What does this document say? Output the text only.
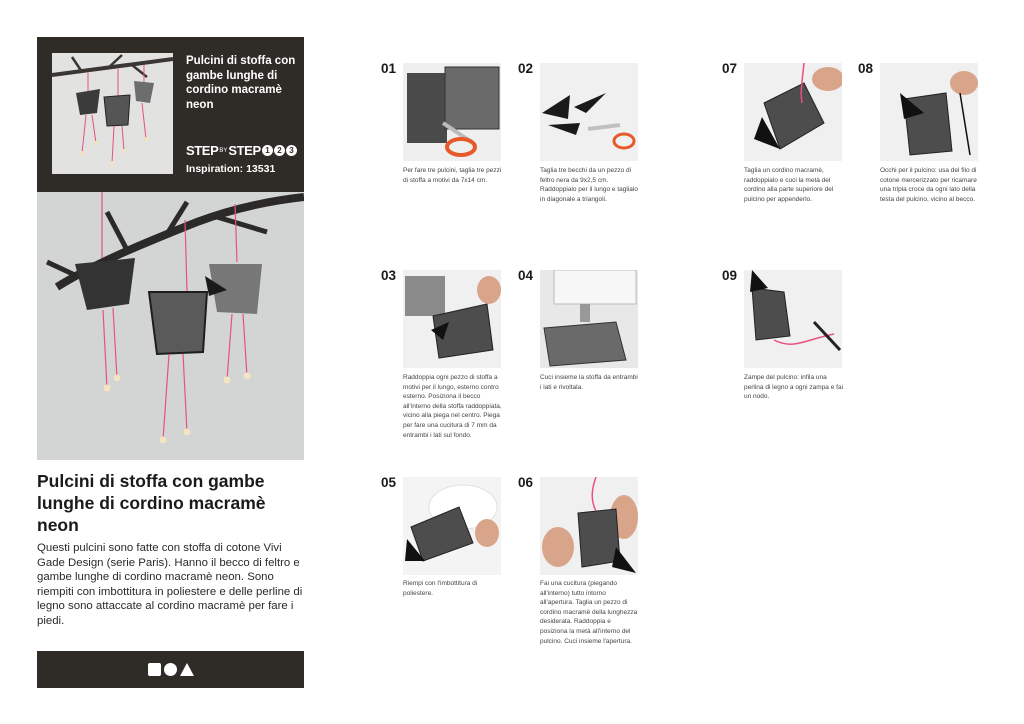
Pulcini di stoffa con gambe lunghe di cordino macramè neon
STEP BY STEP 1 2 3
Inspiration: 13531
Pulcini di stoffa con gambe lunghe di cordino macramè neon
Questi pulcini sono fatte con stoffa di cotone Vivi Gade Design (serie Paris). Hanno il becco di feltro e gambe lunghe di cordino macramè neon. Sono riempiti con imbottitura in poliestere e delle perline di legno sono attaccate al cordino macramè per fare i piedi.
01
Per fare tre pulcini, taglia tre pezzi di stoffa a motivi da 7x14 cm.
02
Taglia tre becchi da un pezzo di feltro nera da 9x2,5 cm. Raddoppialo per il lungo e taglialo in diagonale a triangoli.
07
Taglia un cordino macramè, raddoppialo e cuci la metà del cordino alla parte superiore del pulcino per appenderlo.
08
Occhi per il pulcino: usa del filo di cotone mercerizzato per ricamare una tripla croce da ogni lato della testa del pulcino, vicino al becco.
03
Raddoppia ogni pezzo di stoffa a motivi per il lungo, esterno contro esterno. Posiziona il becco all'interno della stoffa raddoppiata, vicino alla piega nel centro. Piega per fare una cucitura di 7 mm da entrambi i lati sul fondo.
04
Cuci insieme la stoffa da entrambi i lati e rivoltala.
09
Zampe del pulcino: infila una perlina di legno a ogni zampa e fai un nodo.
05
Riempi con l'imbottitura di poliestere.
06
Fai una cucitura (piegando all'interno) tutto intorno all'apertura. Taglia un pezzo di cordino macramè della lunghezza desiderata. Raddoppia e posiziona la metà all'interno del pulcino. Cuci insieme l'apertura.
